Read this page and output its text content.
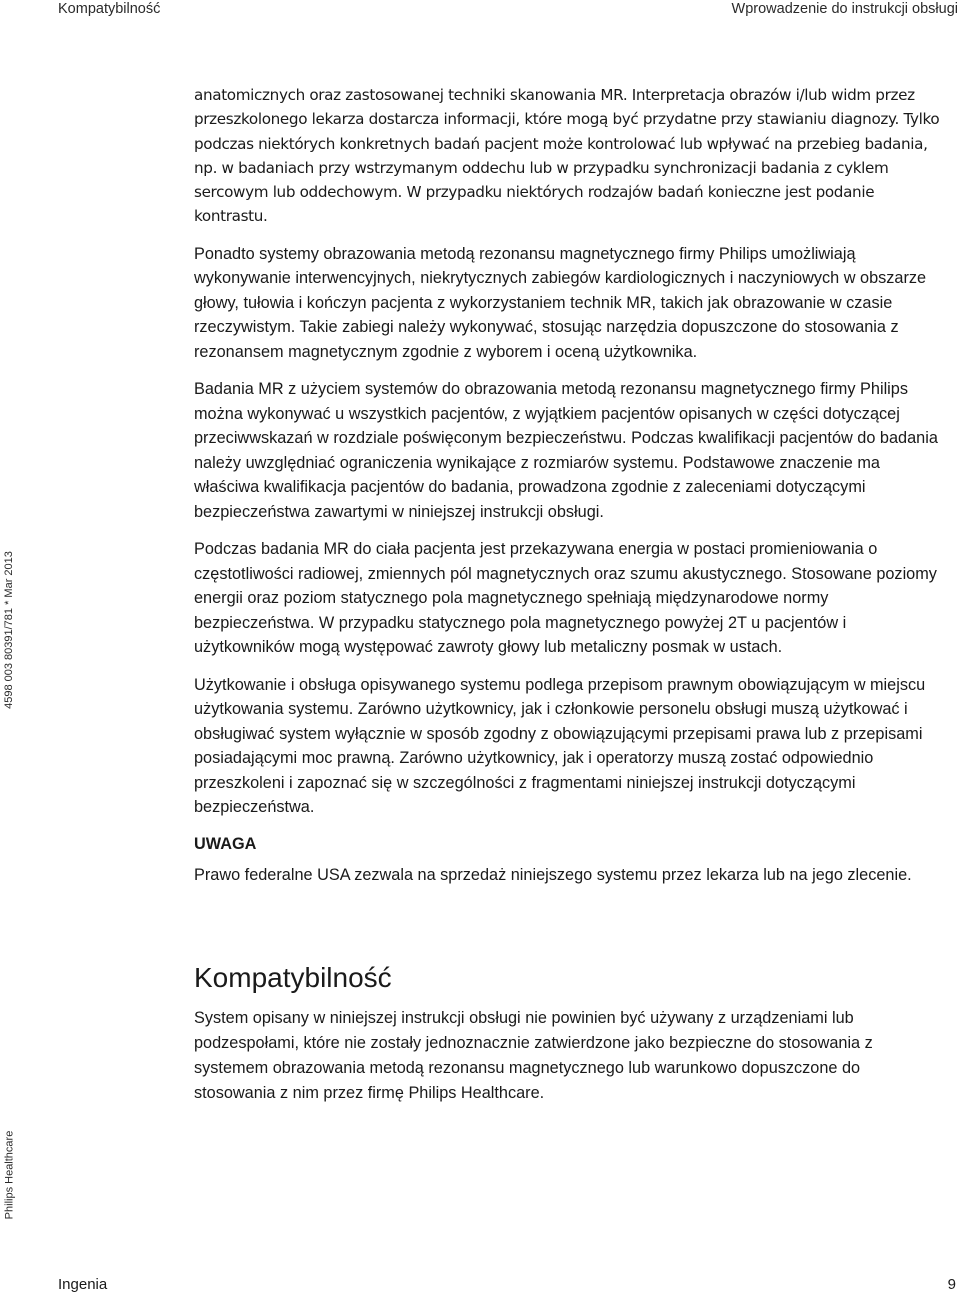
Kompatybilność	Wprowadzenie do instrukcji obsługi
4598 003 80391/781 * Mar 2013
Philips Healthcare

anatomicznych oraz zastosowanej techniki skanowania MR. Interpretacja obrazów i/lub widm przez przeszkolonego lekarza dostarcza informacji, które mogą być przydatne przy stawianiu diagnozy. Tylko podczas niektórych konkretnych badań pacjent może kontrolować lub wpływać na przebieg badania, np. w badaniach przy wstrzymanym oddechu lub w przypadku synchronizacji badania z cyklem sercowym lub oddechowym. W przypadku niektórych rodzajów badań konieczne jest podanie kontrastu.

Ponadto systemy obrazowania metodą rezonansu magnetycznego firmy Philips umożliwiają wykonywanie interwencyjnych, niekrytycznych zabiegów kardiologicznych i naczyniowych w obszarze głowy, tułowia i kończyn pacjenta z wykorzystaniem technik MR, takich jak obrazowanie w czasie rzeczywistym. Takie zabiegi należy wykonywać, stosując narzędzia dopuszczone do stosowania z rezonansem magnetycznym zgodnie z wyborem i oceną użytkownika.

Badania MR z użyciem systemów do obrazowania metodą rezonansu magnetycznego firmy Philips można wykonywać u wszystkich pacjentów, z wyjątkiem pacjentów opisanych w części dotyczącej przeciwwskazań w rozdziale poświęconym bezpieczeństwu. Podczas kwalifikacji pacjentów do badania należy uwzględniać ograniczenia wynikające z rozmiarów systemu. Podstawowe znaczenie ma właściwa kwalifikacja pacjentów do badania, prowadzona zgodnie z zaleceniami dotyczącymi bezpieczeństwa zawartymi w niniejszej instrukcji obsługi.

Podczas badania MR do ciała pacjenta jest przekazywana energia w postaci promieniowania o częstotliwości radiowej, zmiennych pól magnetycznych oraz szumu akustycznego. Stosowane poziomy energii oraz poziom statycznego pola magnetycznego spełniają międzynarodowe normy bezpieczeństwa. W przypadku statycznego pola magnetycznego powyżej 2T u pacjentów i użytkowników mogą występować zawroty głowy lub metaliczny posmak w ustach.

Użytkowanie i obsługa opisywanego systemu podlega przepisom prawnym obowiązującym w miejscu użytkowania systemu. Zarówno użytkownicy, jak i członkowie personelu obsługi muszą użytkować i obsługiwać system wyłącznie w sposób zgodny z obowiązującymi przepisami prawa lub z przepisami posiadającymi moc prawną. Zarówno użytkownicy, jak i operatorzy muszą zostać odpowiednio przeszkoleni i zapoznać się w szczególności z fragmentami niniejszej instrukcji dotyczącymi bezpieczeństwa.

UWAGA
Prawo federalne USA zezwala na sprzedaż niniejszego systemu przez lekarza lub na jego zlecenie.
Kompatybilność
System opisany w niniejszej instrukcji obsługi nie powinien być używany z urządzeniami lub podzespołami, które nie zostały jednoznacznie zatwierdzone jako bezpieczne do stosowania z systemem obrazowania metodą rezonansu magnetycznego lub warunkowo dopuszczone do stosowania z nim przez firmę Philips Healthcare.
Ingenia	9
